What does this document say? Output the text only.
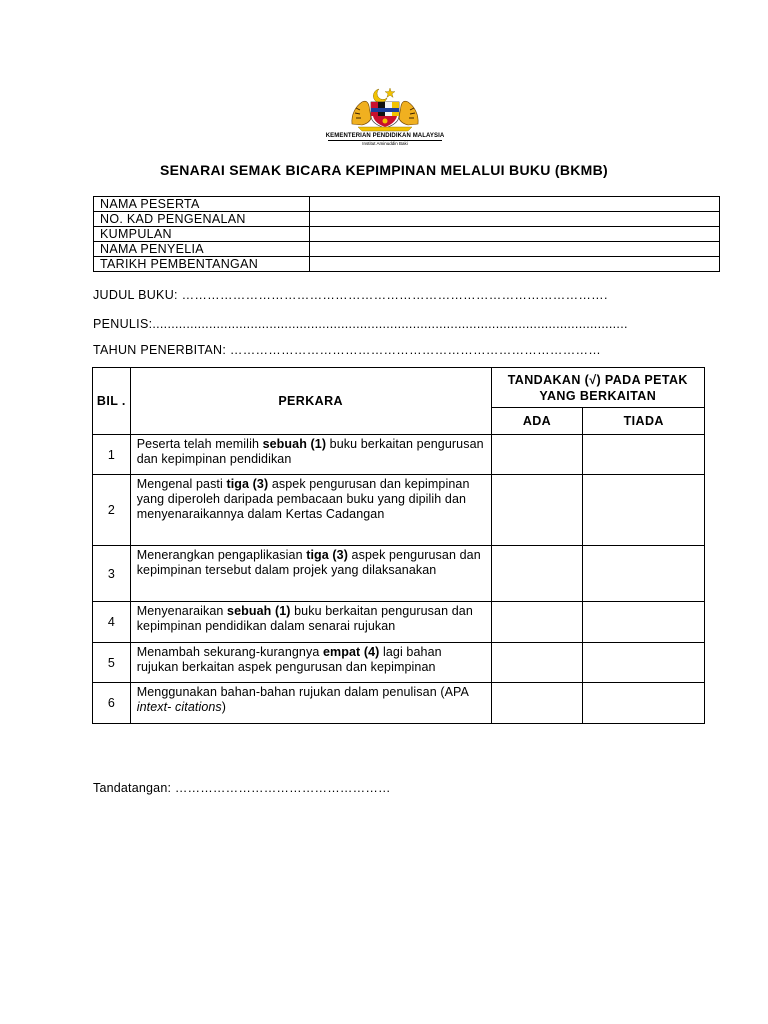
KEMENTERIAN PENDIDIKAN MALAYSIA
Institut Aminuddin Baki
SENARAI SEMAK BICARA KEPIMPINAN MELALUI BUKU (BKMB)
NAMA PESERTA	
NO. KAD PENGENALAN	
KUMPULAN	
NAMA PENYELIA	
TARIKH PEMBENTANGAN	
JUDUL BUKU: ……………………………………………………………………………………….
PENULIS:..............................................................................................................................
TAHUN PENERBITAN: ……………………………………………………………………………
BIL .	PERKARA	TANDAKAN (√) PADA PETAK YANG BERKAITAN	
		ADA	TIADA
1	Peserta telah memilih sebuah (1) buku berkaitan pengurusan dan kepimpinan pendidikan		
2	Mengenal pasti tiga (3) aspek pengurusan dan kepimpinan yang diperoleh daripada pembacaan buku yang dipilih dan menyenaraikannya dalam Kertas Cadangan		
3	Menerangkan pengaplikasian tiga (3) aspek pengurusan dan kepimpinan tersebut dalam projek yang dilaksanakan		
4	Menyenaraikan sebuah (1) buku berkaitan pengurusan dan kepimpinan pendidikan dalam senarai rujukan		
5	Menambah sekurang-kurangnya empat (4) lagi bahan rujukan berkaitan aspek pengurusan dan kepimpinan		
6	Menggunakan bahan-bahan rujukan dalam penulisan (APA intext- citations)		
Tandatangan: ……………………………………………
